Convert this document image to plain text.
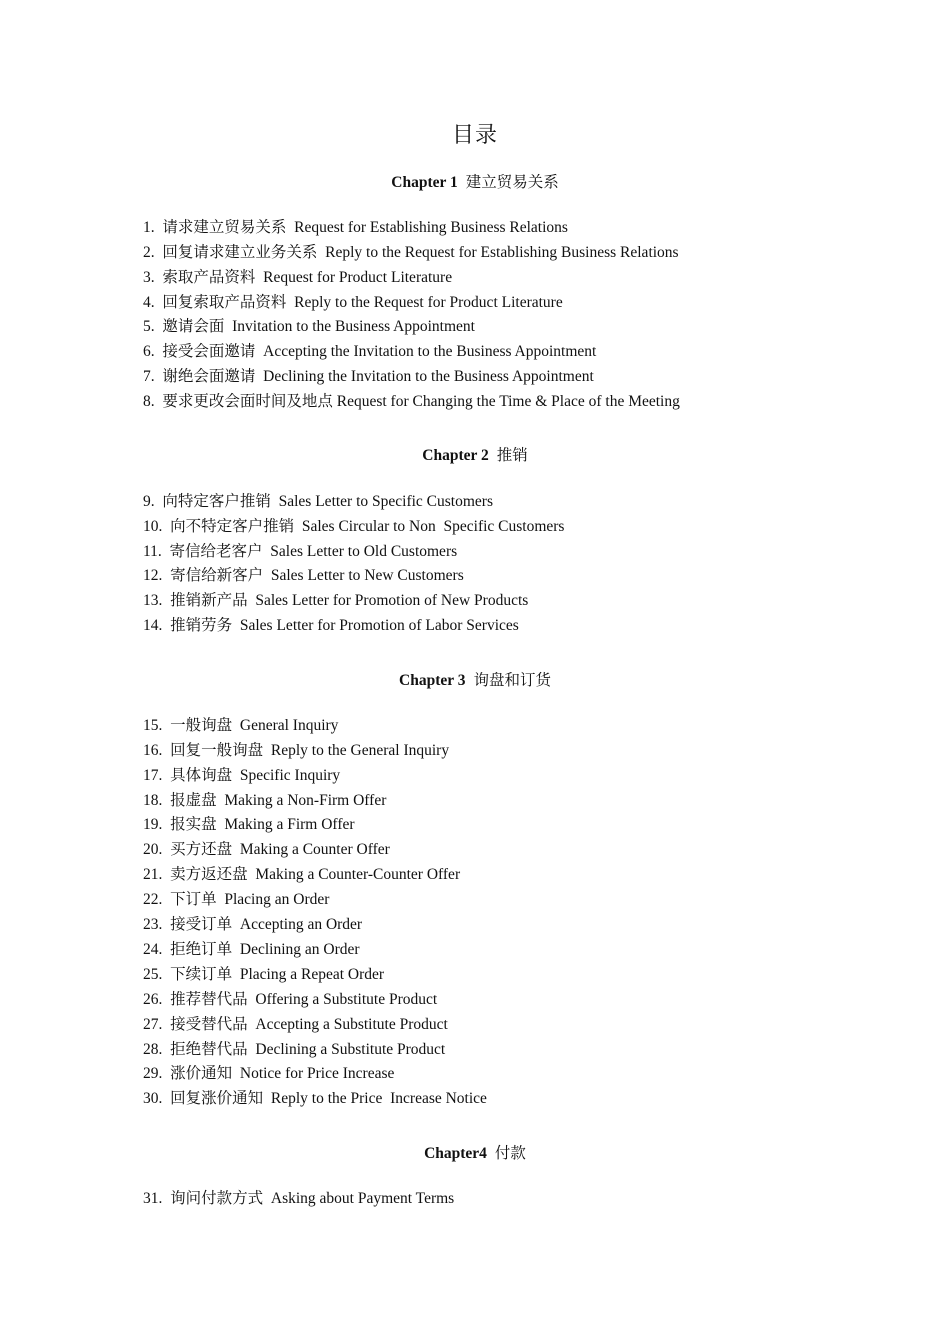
目录
Chapter 1 建立贸易关系
1.  请求建立贸易关系  Request for Establishing Business Relations
2.  回复请求建立业务关系  Reply to the Request for Establishing Business Relations
3.  索取产品资料  Request for Product Literature
4.  回复索取产品资料  Reply to the Request for Product Literature
5.  邀请会面  Invitation to the Business Appointment
6.  接受会面邀请  Accepting the Invitation to the Business Appointment
7.  谢绝会面邀请  Declining the Invitation to the Business Appointment
8.  要求更改会面时间及地点 Request for Changing the Time & Place of the Meeting
Chapter 2 推销
9.  向特定客户推销  Sales Letter to Specific Customers
10.  向不特定客户推销  Sales Circular to Non  Specific Customers
11.  寄信给老客户  Sales Letter to Old Customers
12.  寄信给新客户  Sales Letter to New Customers
13.  推销新产品  Sales Letter for Promotion of New Products
14.  推销劳务  Sales Letter for Promotion of Labor Services
Chapter 3 询盘和订货
15.  一般询盘  General Inquiry
16.  回复一般询盘  Reply to the General Inquiry
17.  具体询盘  Specific Inquiry
18.  报虚盘  Making a Non-Firm Offer
19.  报实盘  Making a Firm Offer
20.  买方还盘  Making a Counter Offer
21.  卖方返还盘  Making a Counter-Counter Offer
22.  下订单  Placing an Order
23.  接受订单  Accepting an Order
24.  拒绝订单  Declining an Order
25.  下续订单  Placing a Repeat Order
26.  推荐替代品  Offering a Substitute Product
27.  接受替代品  Accepting a Substitute Product
28.  拒绝替代品  Declining a Substitute Product
29.  涨价通知  Notice for Price Increase
30.  回复涨价通知  Reply to the Price  Increase Notice
Chapter4 付款
31.  询问付款方式  Asking about Payment Terms
